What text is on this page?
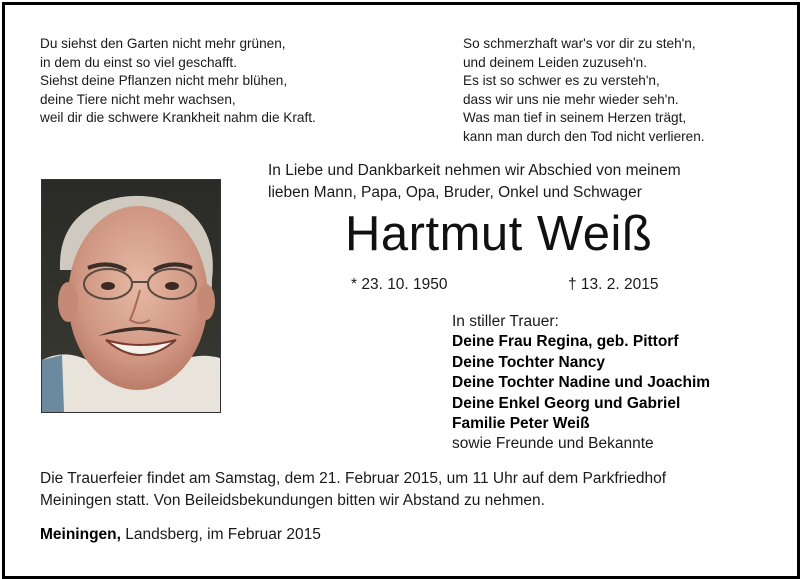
Du siehst den Garten nicht mehr grünen,
in dem du einst so viel geschafft.
Siehst deine Pflanzen nicht mehr blühen,
deine Tiere nicht mehr wachsen,
weil dir die schwere Krankheit nahm die Kraft.
So schmerzhaft war's vor dir zu steh'n,
und deinem Leiden zuzuseh'n.
Es ist so schwer es zu versteh'n,
dass wir uns nie mehr wieder seh'n.
Was man tief in seinem Herzen trägt,
kann man durch den Tod nicht verlieren.
In Liebe und Dankbarkeit nehmen wir Abschied von meinem
lieben Mann, Papa, Opa, Bruder, Onkel und Schwager
Hartmut Weiß
* 23. 10. 1950	† 13. 2. 2015
In stiller Trauer:
Deine Frau Regina, geb. Pittorf
Deine Tochter Nancy
Deine Tochter Nadine und Joachim
Deine Enkel Georg und Gabriel
Familie Peter Weiß
sowie Freunde und Bekannte
Die Trauerfeier findet am Samstag, dem 21. Februar 2015, um 11 Uhr auf dem Parkfriedhof
Meiningen statt. Von Beileidsbekundungen bitten wir Abstand zu nehmen.
Meiningen, Landsberg, im Februar 2015
